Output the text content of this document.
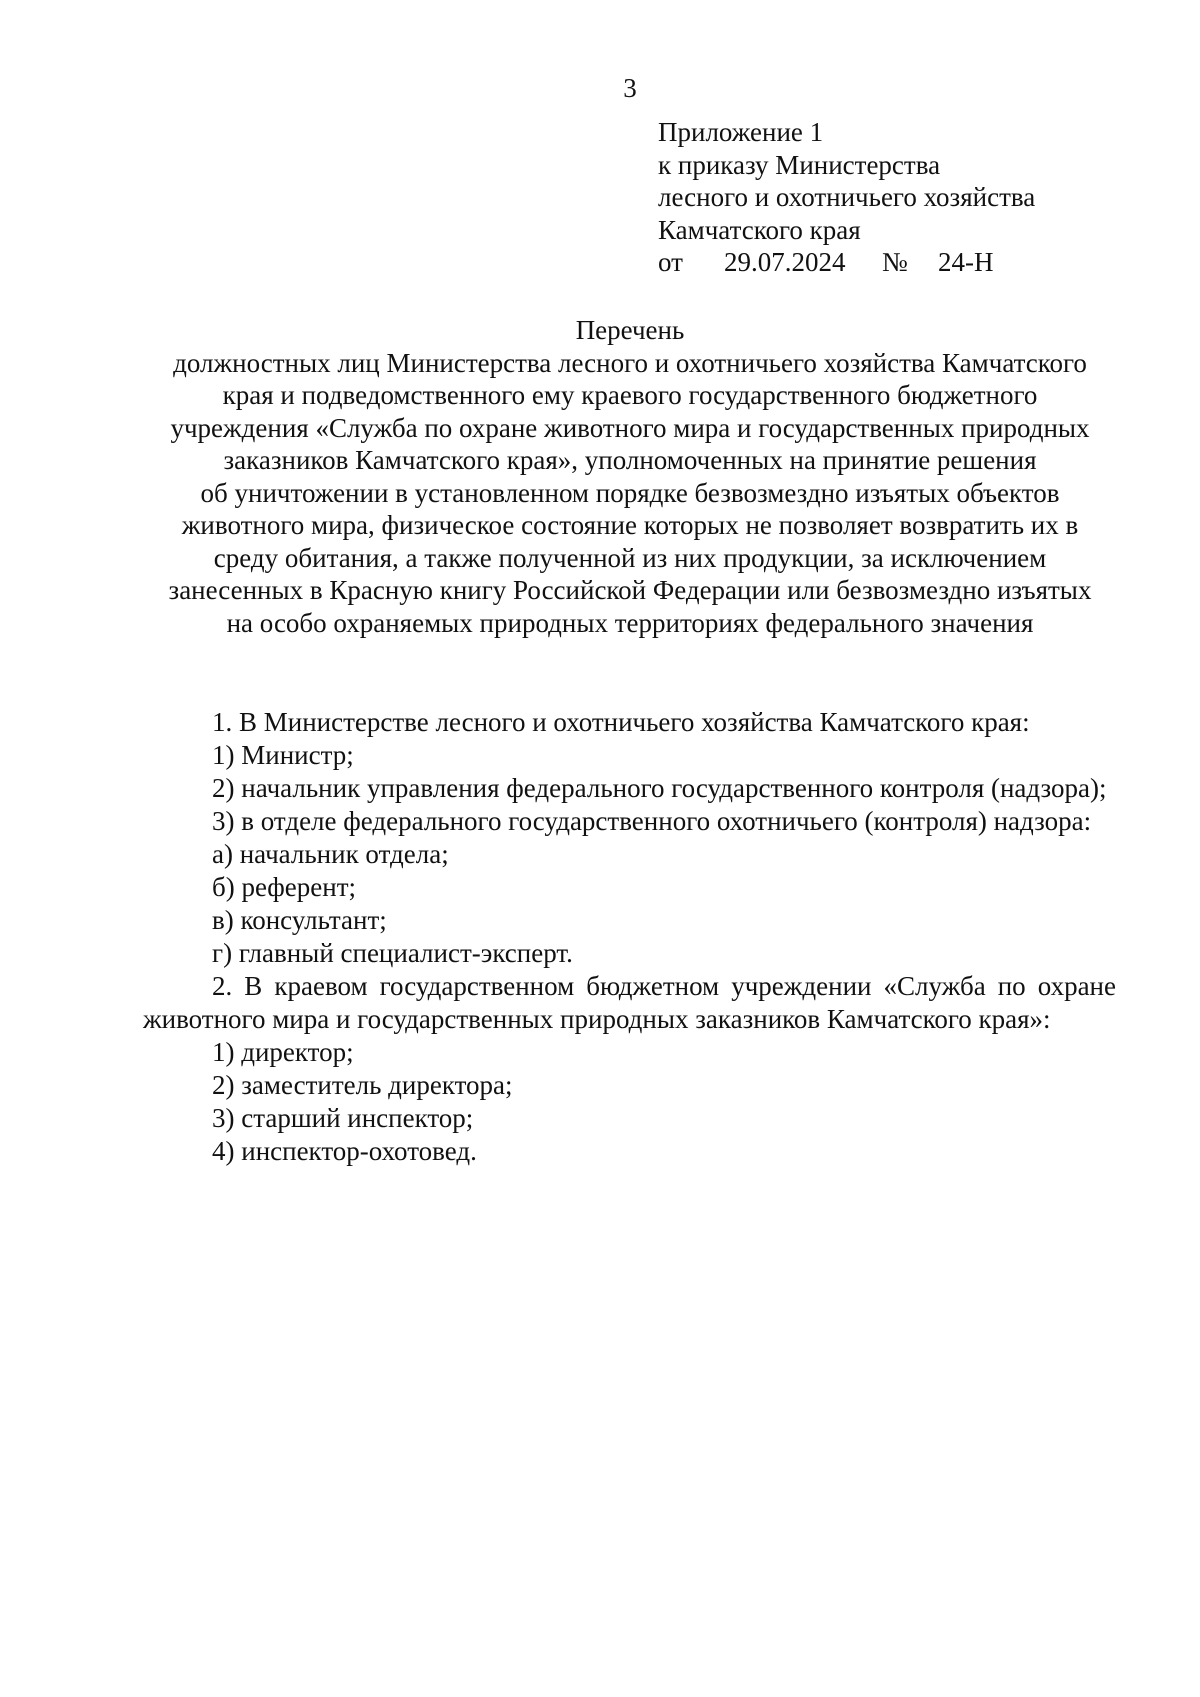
3
Приложение 1
к приказу Министерства
лесного и охотничьего хозяйства
Камчатского края
от 29.07.2024 № 24-Н
Перечень
должностных лиц Министерства лесного и охотничьего хозяйства Камчатского
края и подведомственного ему краевого государственного бюджетного
учреждения «Служба по охране животного мира и государственных природных
заказников Камчатского края», уполномоченных на принятие решения
об уничтожении в установленном порядке безвозмездно изъятых объектов
животного мира, физическое состояние которых не позволяет возвратить их в
среду обитания, а также полученной из них продукции, за исключением
занесенных в Красную книгу Российской Федерации или безвозмездно изъятых
на особо охраняемых природных территориях федерального значения
1. В Министерстве лесного и охотничьего хозяйства Камчатского края:
1) Министр;
2) начальник управления федерального государственного контроля (надзора);
3) в отделе федерального государственного охотничьего (контроля) надзора:
а) начальник отдела;
б) референт;
в) консультант;
г) главный специалист-эксперт.
2. В краевом государственном бюджетном учреждении «Служба по охране животного мира и государственных природных заказников Камчатского края»:
1) директор;
2) заместитель директора;
3) старший инспектор;
4) инспектор-охотовед.
